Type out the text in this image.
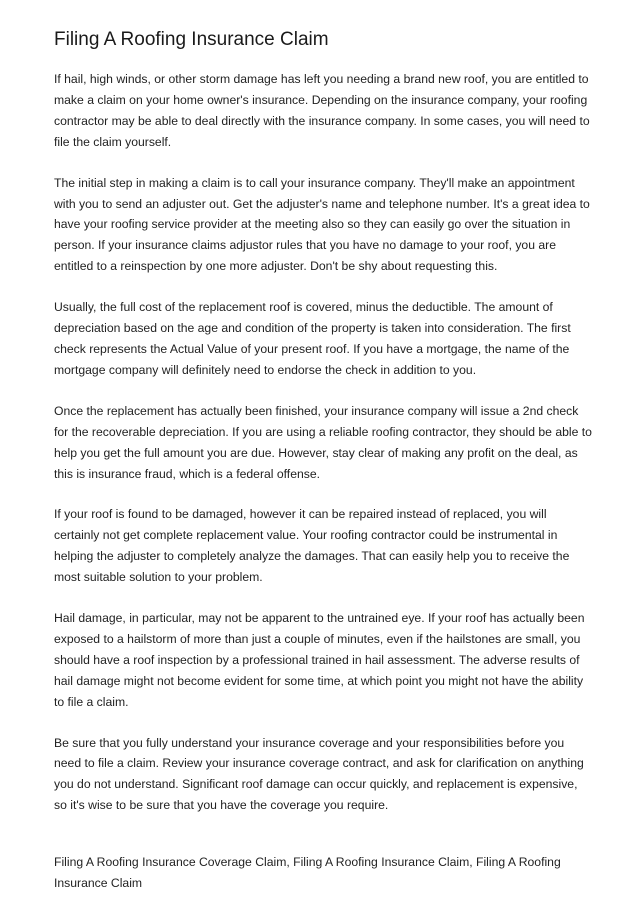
Filing A Roofing Insurance Claim

If hail, high winds, or other storm damage has left you needing a brand new roof, you are entitled to make a claim on your home owner's insurance. Depending on the insurance company, your roofing contractor may be able to deal directly with the insurance company. In some cases, you will need to file the claim yourself.

The initial step in making a claim is to call your insurance company. They'll make an appointment with you to send an adjuster out. Get the adjuster's name and telephone number. It's a great idea to have your roofing service provider at the meeting also so they can easily go over the situation in person. If your insurance claims adjustor rules that you have no damage to your roof, you are entitled to a reinspection by one more adjuster. Don't be shy about requesting this.

Usually, the full cost of the replacement roof is covered, minus the deductible. The amount of depreciation based on the age and condition of the property is taken into consideration. The first check represents the Actual Value of your present roof. If you have a mortgage, the name of the mortgage company will definitely need to endorse the check in addition to you.

Once the replacement has actually been finished, your insurance company will issue a 2nd check for the recoverable depreciation. If you are using a reliable roofing contractor, they should be able to help you get the full amount you are due. However, stay clear of making any profit on the deal, as this is insurance fraud, which is a federal offense.

If your roof is found to be damaged, however it can be repaired instead of replaced, you will certainly not get complete replacement value. Your roofing contractor could be instrumental in helping the adjuster to completely analyze the damages. That can easily help you to receive the most suitable solution to your problem.

Hail damage, in particular, may not be apparent to the untrained eye. If your roof has actually been exposed to a hailstorm of more than just a couple of minutes, even if the hailstones are small, you should have a roof inspection by a professional trained in hail assessment. The adverse results of hail damage might not become evident for some time, at which point you might not have the ability to file a claim.

Be sure that you fully understand your insurance coverage and your responsibilities before you need to file a claim. Review your insurance coverage contract, and ask for clarification on anything you do not understand. Significant roof damage can occur quickly, and replacement is expensive, so it's wise to be sure that you have the coverage you require.

Filing A Roofing Insurance Coverage Claim, Filing A Roofing Insurance Claim, Filing A Roofing Insurance Claim
